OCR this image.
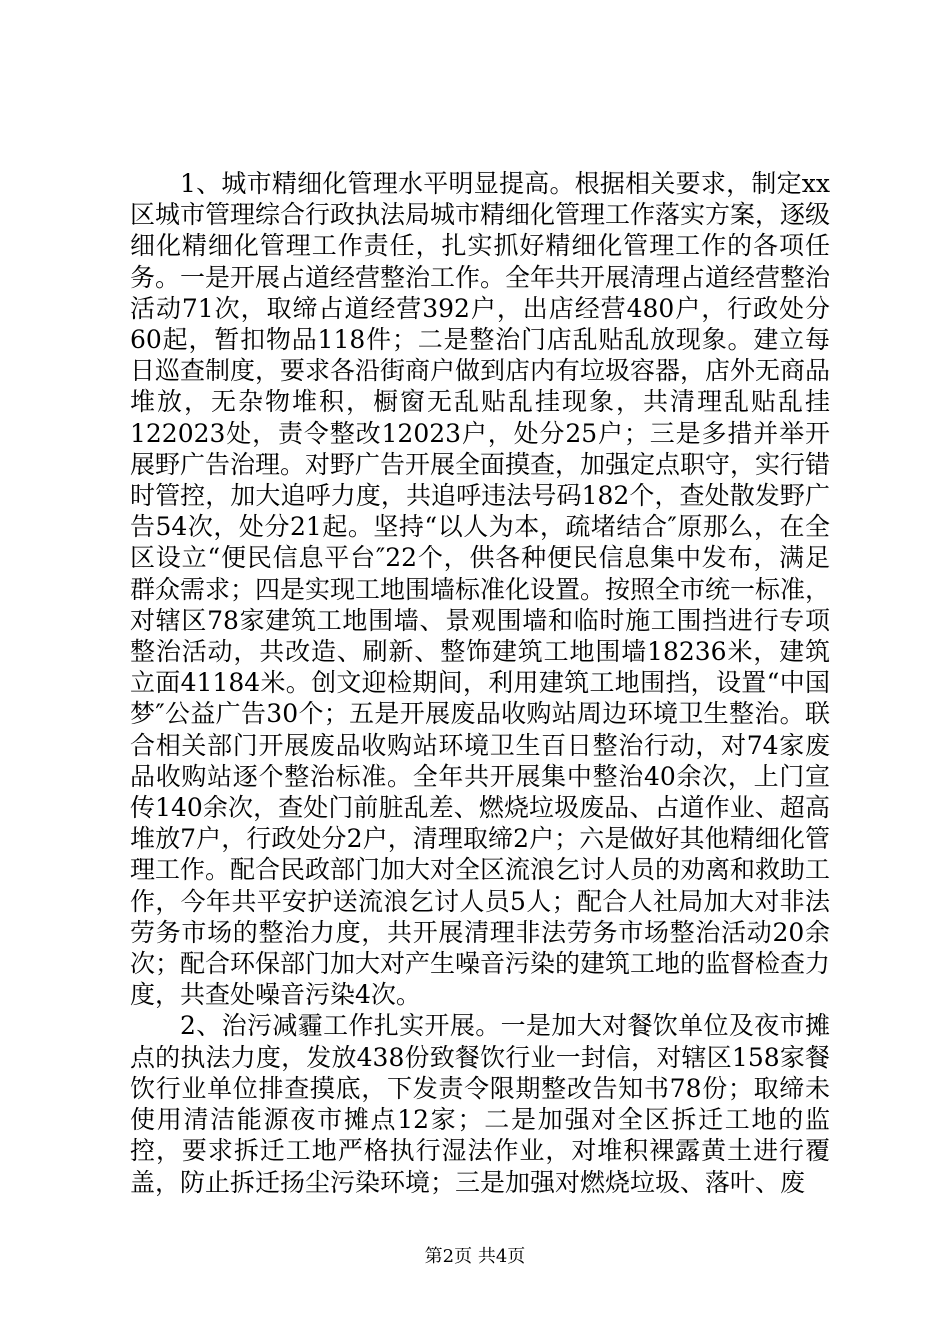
1、城市精细化管理水平明显提高。根据相关要求，制定xx区城市管理综合行政执法局城市精细化管理工作落实方案，逐级细化精细化管理工作责任，扎实抓好精细化管理工作的各项任务。一是开展占道经营整治工作。全年共开展清理占道经营整治活动71次，取缔占道经营392户，出店经营480户，行政处分60起，暂扣物品118件；二是整治门店乱贴乱放现象。建立每日巡查制度，要求各沿街商户做到店内有垃圾容器，店外无商品堆放，无杂物堆积，橱窗无乱贴乱挂现象，共清理乱贴乱挂122023处，责令整改12023户，处分25户；三是多措并举开展野广告治理。对野广告开展全面摸查，加强定点职守，实行错时管控，加大追呼力度，共追呼违法号码182个，查处散发野广告54次，处分21起。坚持“以人为本，疏堵结合″原那么，在全区设立“便民信息平台″22个，供各种便民信息集中发布，满足群众需求；四是实现工地围墙标准化设置。按照全市统一标准，对辖区78家建筑工地围墙、景观围墙和临时施工围挡进行专项整治活动，共改造、刷新、整饰建筑工地围墙18236米，建筑立面41184米。创文迎检期间，利用建筑工地围挡，设置“中国梦″公益广告30个；五是开展废品收购站周边环境卫生整治。联合相关部门开展废品收购站环境卫生百日整治行动，对74家废品收购站逐个整治标准。全年共开展集中整治40余次，上门宣传140余次，查处门前脏乱差、燃烧垃圾废品、占道作业、超高堆放7户，行政处分2户，清理取缔2户；六是做好其他精细化管理工作。配合民政部门加大对全区流浪乞讨人员的劝离和救助工作，今年共平安护送流浪乞讨人员5人；配合人社局加大对非法劳务市场的整治力度，共开展清理非法劳务市场整治活动20余次；配合环保部门加大对产生噪音污染的建筑工地的监督检查力度，共查处噪音污染4次。

2、治污减霾工作扎实开展。一是加大对餐饮单位及夜市摊点的执法力度，发放438份致餐饮行业一封信，对辖区158家餐饮行业单位排查摸底，下发责令限期整改告知书78份；取缔未使用清洁能源夜市摊点12家；二是加强对全区拆迁工地的监控，要求拆迁工地严格执行湿法作业，对堆积裸露黄土进行覆盖，防止拆迁扬尘污染环境；三是加强对燃烧垃圾、落叶、废

第2页 共4页
